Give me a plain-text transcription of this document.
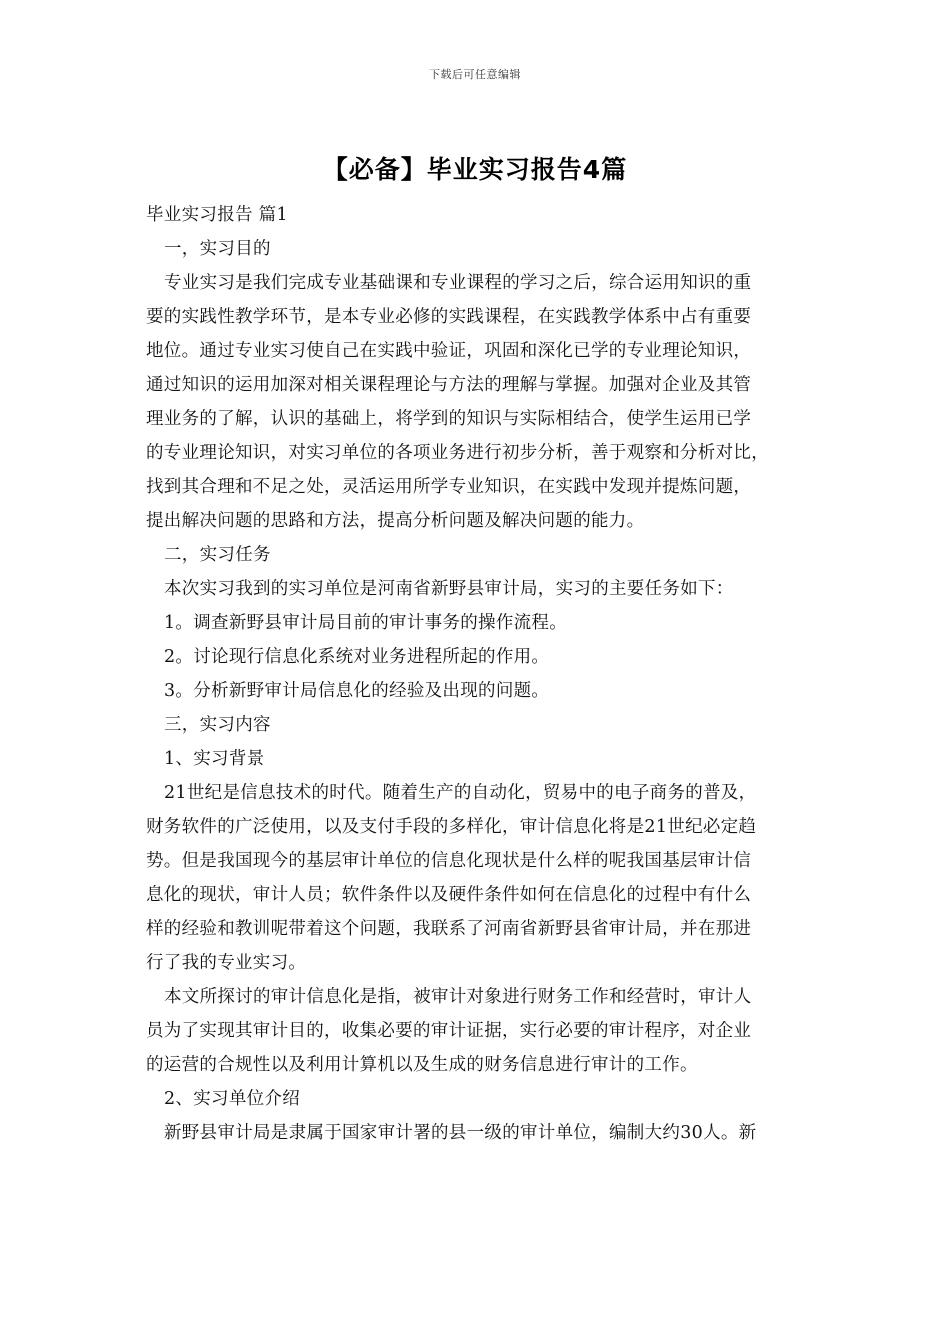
下载后可任意编辑
【必备】毕业实习报告4篇
毕业实习报告 篇1
一，实习目的
专业实习是我们完成专业基础课和专业课程的学习之后，综合运用知识的重
要的实践性教学环节，是本专业必修的实践课程，在实践教学体系中占有重要
地位。通过专业实习使自己在实践中验证，巩固和深化已学的专业理论知识，
通过知识的运用加深对相关课程理论与方法的理解与掌握。加强对企业及其管
理业务的了解，认识的基础上，将学到的知识与实际相结合，使学生运用已学
的专业理论知识，对实习单位的各项业务进行初步分析，善于观察和分析对比，
找到其合理和不足之处，灵活运用所学专业知识，在实践中发现并提炼问题，
提出解决问题的思路和方法，提高分析问题及解决问题的能力。
二，实习任务
本次实习我到的实习单位是河南省新野县审计局，实习的主要任务如下：
1。调查新野县审计局目前的审计事务的操作流程。
2。讨论现行信息化系统对业务进程所起的作用。
3。分析新野审计局信息化的经验及出现的问题。
三，实习内容
1、实习背景
21世纪是信息技术的时代。随着生产的自动化，贸易中的电子商务的普及，
财务软件的广泛使用，以及支付手段的多样化，审计信息化将是21世纪必定趋
势。但是我国现今的基层审计单位的信息化现状是什么样的呢我国基层审计信
息化的现状，审计人员；软件条件以及硬件条件如何在信息化的过程中有什么
样的经验和教训呢带着这个问题，我联系了河南省新野县省审计局，并在那进
行了我的专业实习。
本文所探讨的审计信息化是指，被审计对象进行财务工作和经营时，审计人
员为了实现其审计目的，收集必要的审计证据，实行必要的审计程序，对企业
的运营的合规性以及利用计算机以及生成的财务信息进行审计的工作。
2、实习单位介绍
新野县审计局是隶属于国家审计署的县一级的审计单位，编制大约30人。新
